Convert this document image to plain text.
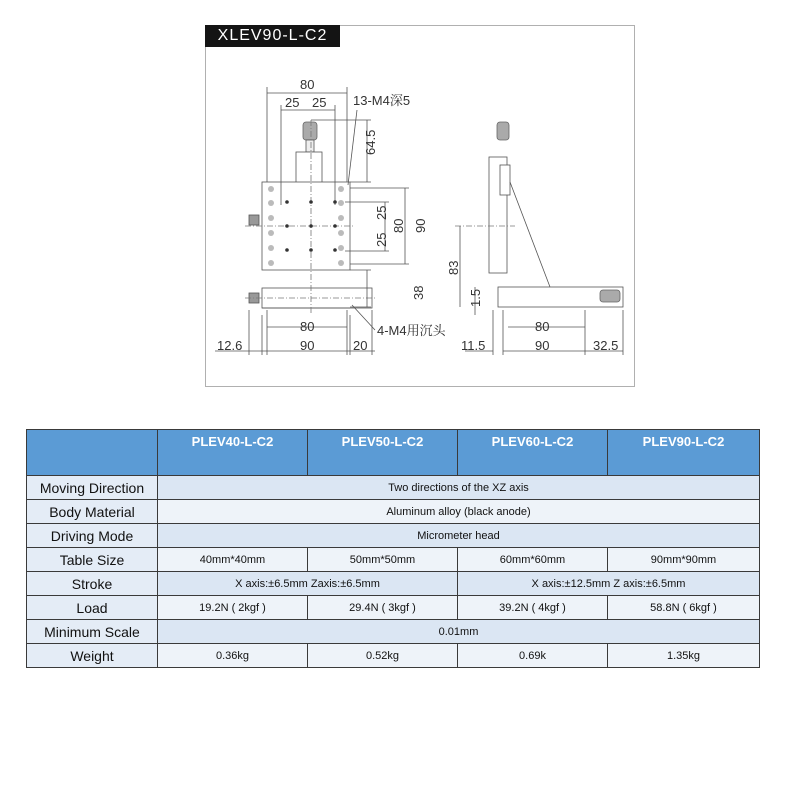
80
25 25 13-M4深5
64.5
25
25
80 90
38
80
90
12.6	20
4-M4用沉头
83
1.5
80
90
11.5	32.5
XLEV90-L-C2
	PLEV40-L-C2	PLEV50-L-C2	PLEV60-L-C2	PLEV90-L-C2
Moving Direction	Two directions of the XZ axis			
Body Material	Aluminum alloy (black anode)			
Driving Mode	Micrometer head			
Table Size	40mm*40mm	50mm*50mm	60mm*60mm	90mm*90mm
Stroke	X axis:±6.5mm Zaxis:±6.5mm		X axis:±12.5mm Z axis:±6.5mm	
Load	19.2N ( 2kgf )	29.4N ( 3kgf )	39.2N ( 4kgf )	58.8N ( 6kgf )
Minimum Scale	0.01mm			
Weight	0.36kg	0.52kg	0.69k	1.35kg
